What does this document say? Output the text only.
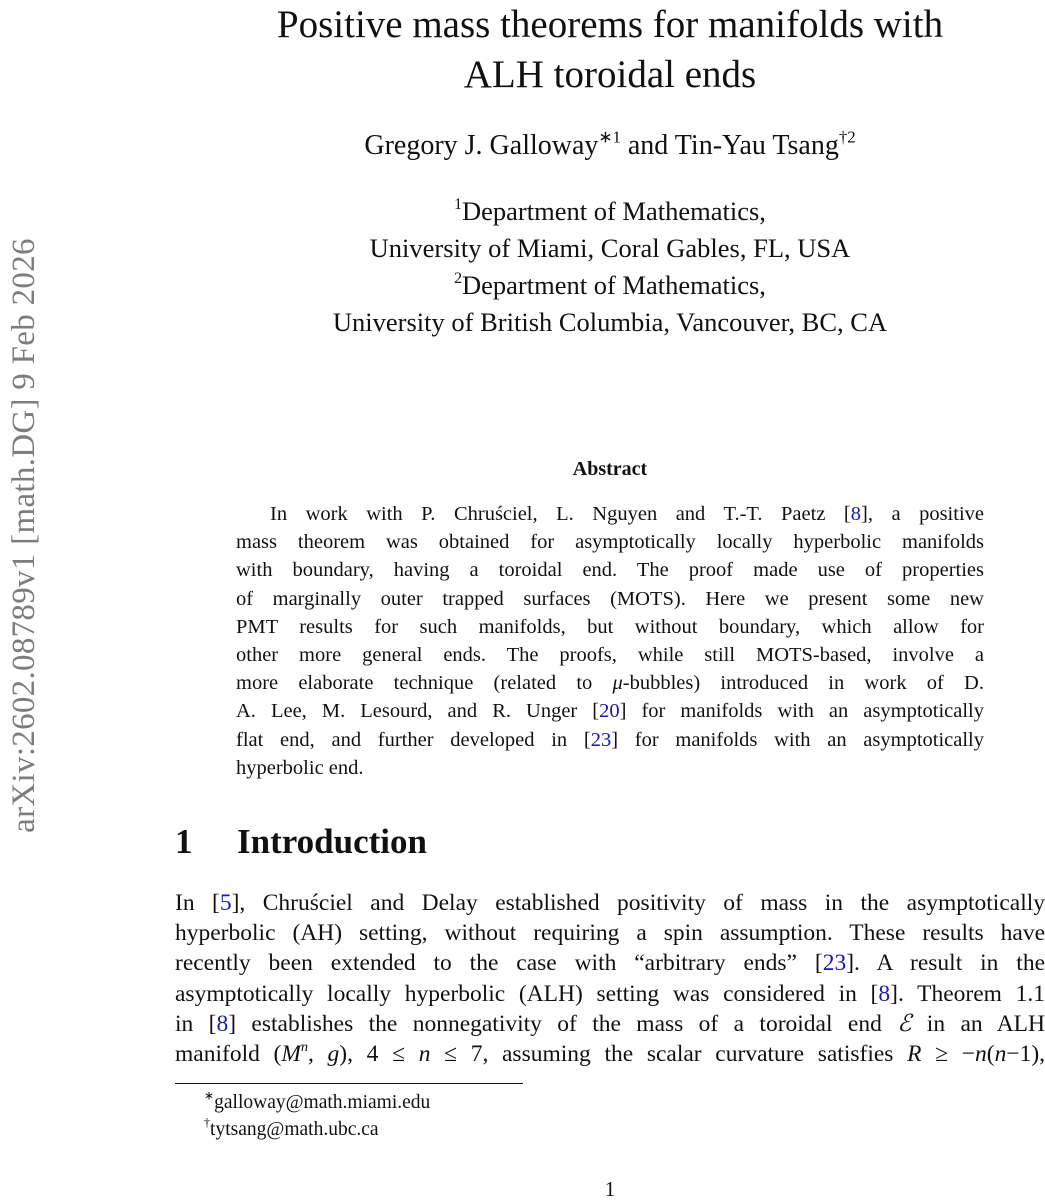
arXiv:2602.08789v1 [math.DG] 9 Feb 2026
Positive mass theorems for manifolds with
ALH toroidal ends
Gregory J. Galloway$^{∗1}$ and Tin-Yau Tsang$^{\dagger 2}$
$^1$Department of Mathematics,
University of Miami, Coral Gables, FL, USA
$^2$Department of Mathematics,
University of British Columbia, Vancouver, BC, CA
Abstract
In work with P. Chruściel, L. Nguyen and T.-T. Paetz [8], a positive
mass theorem was obtained for asymptotically locally hyperbolic manifolds
with boundary, having a toroidal end. The proof made use of properties
of marginally outer trapped surfaces (MOTS). Here we present some new
PMT results for such manifolds, but without boundary, which allow for
other more general ends. The proofs, while still MOTS-based, involve a
more elaborate technique (related to μ-bubbles) introduced in work of D.
A. Lee, M. Lesourd, and R. Unger [20] for manifolds with an asymptotically
flat end, and further developed in [23] for manifolds with an asymptotically
hyperbolic end.
1 Introduction
In [5], Chruściel and Delay established positivity of mass in the asymptotically
hyperbolic (AH) setting, without requiring a spin assumption. These results have
recently been extended to the case with “arbitrary ends” [23]. A result in the
asymptotically locally hyperbolic (ALH) setting was considered in [8]. Theorem 1.1
in [8] establishes the nonnegativity of the mass of a toroidal end ℰ in an ALH
manifold ($M^n$, g), 4 ≤ n ≤ 7, assuming the scalar curvature satisfies R ≥ −n(n−1),
∗galloway@math.miami.edu
†tytsang@math.ubc.ca
1
